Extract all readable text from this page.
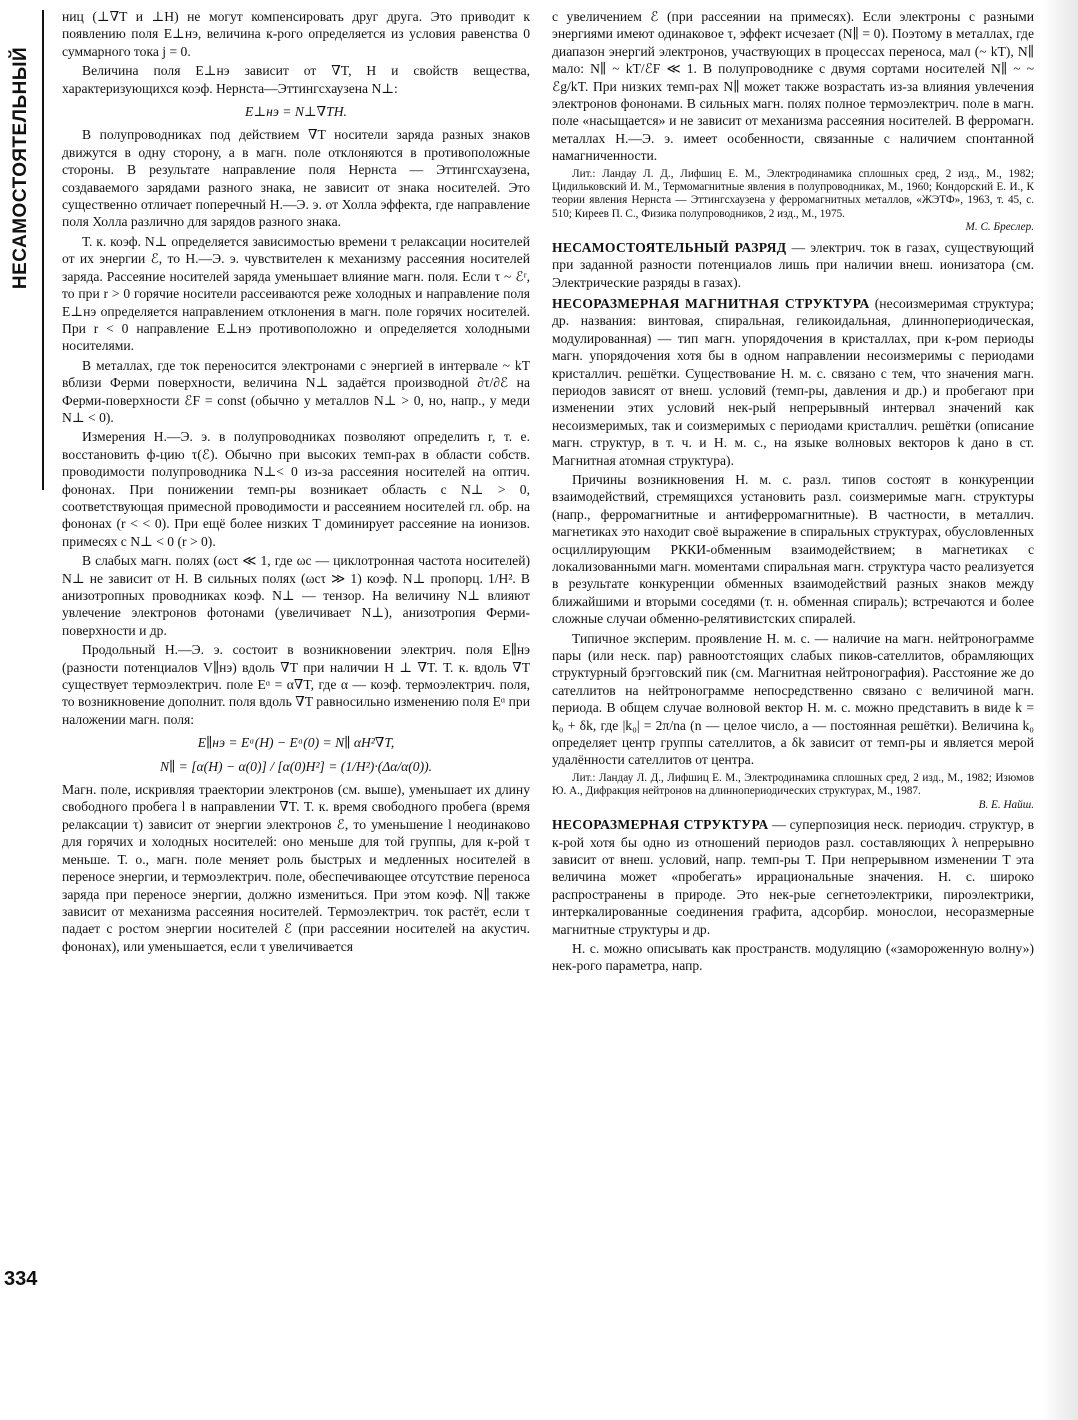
НЕСАМОСТОЯТЕЛЬНЫЙ
334

ниц (⊥∇T и ⊥H) не могут компенсировать друг друга. Это приводит к появлению поля E⊥нэ, величина к-рого определяется из условия равенства 0 суммарного тока j = 0.

Величина поля E⊥нэ зависит от ∇T, H и свойств вещества, характеризующихся коэф. Нернста—Эттингсхаузена N⊥:

E⊥нэ = N⊥∇TH.

В полупроводниках под действием ∇T носители заряда разных знаков движутся в одну сторону, а в магн. поле отклоняются в противоположные стороны. В результате направление поля Нернста — Эттингсхаузена, создаваемого зарядами разного знака, не зависит от знака носителей. Это существенно отличает поперечный Н.—Э. э. от Холла эффекта, где направление поля Холла различно для зарядов разного знака.

Т. к. коэф. N⊥ определяется зависимостью времени τ релаксации носителей от их энергии ℰ, то Н.—Э. э. чувствителен к механизму рассеяния носителей заряда. Рассеяние носителей заряда уменьшает влияние магн. поля. Если τ ~ ℰʳ, то при r > 0 горячие носители рассеиваются реже холодных и направление поля E⊥нэ определяется направлением отклонения в магн. поле горячих носителей. При r < 0 направление E⊥нэ противоположно и определяется холодными носителями.

В металлах, где ток переносится электронами с энергией в интервале ~ kT вблизи Ферми поверхности, величина N⊥ задаётся производной ∂τ/∂ℰ на Ферми-поверхности ℰF = const (обычно у металлов N⊥ > 0, но, напр., у меди N⊥ < 0).

Измерения Н.—Э. э. в полупроводниках позволяют определить r, т. е. восстановить ф-цию τ(ℰ). Обычно при высоких темп-рах в области собств. проводимости полупроводника N⊥< 0 из-за рассеяния носителей на оптич. фононах. При понижении темп-ры возникает область с N⊥ > 0, соответствующая примесной проводимости и рассеянием носителей гл. обр. на фононах (r < < 0). При ещё более низких T доминирует рассеяние на ионизов. примесях с N⊥ < 0 (r > 0).

В слабых магн. полях (ωcτ ≪ 1, где ωc — циклотронная частота носителей) N⊥ не зависит от H. В сильных полях (ωcτ ≫ 1) коэф. N⊥ пропорц. 1/H². В анизотропных проводниках коэф. N⊥ — тензор. На величину N⊥ влияют увлечение электронов фотонами (увеличивает N⊥), анизотропия Ферми-поверхности и др.

Продольный Н.—Э. э. состоит в возникновении электрич. поля E∥нэ (разности потенциалов V∥нэ) вдоль ∇T при наличии H ⊥ ∇T. Т. к. вдоль ∇T существует термоэлектрич. поле Eᵅ = α∇T, где α — коэф. термоэлектрич. поля, то возникновение дополнит. поля вдоль ∇T равносильно изменению поля Eᵅ при наложении магн. поля:

E∥нэ = Eᵅ(H) − Eᵅ(0) = N∥ αH²∇T,

N∥ = [α(H) − α(0)] / [α(0)H²] = (1/H²)·(Δα/α(0)).

Магн. поле, искривляя траектории электронов (см. выше), уменьшает их длину свободного пробега l в направлении ∇T. Т. к. время свободного пробега (время релаксации τ) зависит от энергии электронов ℰ, то уменьшение l неодинаково для горячих и холодных носителей: оно меньше для той группы, для к-рой τ меньше. Т. о., магн. поле меняет роль быстрых и медленных носителей в переносе энергии, и термоэлектрич. поле, обеспечивающее отсутствие переноса заряда при переносе энергии, должно измениться. При этом коэф. N∥ также зависит от механизма рассеяния носителей. Термоэлектрич. ток растёт, если τ падает с ростом энергии носителей ℰ (при рассеянии носителей на акустич. фононах), или уменьшается, если τ увеличивается

с увеличением ℰ (при рассеянии на примесях). Если электроны с разными энергиями имеют одинаковое τ, эффект исчезает (N∥ = 0). Поэтому в металлах, где диапазон энергий электронов, участвующих в процессах переноса, мал (~ kT), N∥ мало: N∥ ~ kT/ℰF ≪ 1. В полупроводнике с двумя сортами носителей N∥ ~ ~ ℰg/kT. При низких темп-рах N∥ может также возрастать из-за влияния увлечения электронов фононами. В сильных магн. полях полное термоэлектрич. поле в магн. поле «насыщается» и не зависит от механизма рассеяния носителей. В ферромагн. металлах Н.—Э. э. имеет особенности, связанные с наличием спонтанной намагниченности.

Лит.: Ландау Л. Д., Лифшиц Е. М., Электродинамика сплошных сред, 2 изд., М., 1982; Цидильковский И. М., Термомагнитные явления в полупроводниках, М., 1960; Кондорский Е. И., К теории явления Нернста — Эттингсхаузена у ферромагнитных металлов, «ЖЭТФ», 1963, т. 45, с. 510; Киреев П. С., Физика полупроводников, 2 изд., М., 1975.
М. С. Бреслер.

НЕСАМОСТОЯТЕЛЬНЫЙ РАЗРЯД — электрич. ток в газах, существующий при заданной разности потенциалов лишь при наличии внеш. ионизатора (см. Электрические разряды в газах).

НЕСОРАЗМЕРНАЯ МАГНИТНАЯ СТРУКТУРА (несоизмеримая структура; др. названия: винтовая, спиральная, геликоидальная, длиннопериодическая, модулированная) — тип магн. упорядочения в кристаллах, при к-ром периоды магн. упорядочения хотя бы в одном направлении несоизмеримы с периодами кристаллич. решётки. Существование Н. м. с. связано с тем, что значения магн. периодов зависят от внеш. условий (темп-ры, давления и др.) и пробегают при изменении этих условий нек-рый непрерывный интервал значений как несоизмеримых, так и соизмеримых с периодами кристаллич. решётки (описание магн. структур, в т. ч. и Н. м. с., на языке волновых векторов k дано в ст. Магнитная атомная структура).

Причины возникновения Н. м. с. разл. типов состоят в конкуренции взаимодействий, стремящихся установить разл. соизмеримые магн. структуры (напр., ферромагнитные и антиферромагнитные). В частности, в металлич. магнетиках это находит своё выражение в спиральных структурах, обусловленных осциллирующим РККИ-обменным взаимодействием; в магнетиках с локализованными магн. моментами спиральная магн. структура часто реализуется в результате конкуренции обменных взаимодействий разных знаков между ближайшими и вторыми соседями (т. н. обменная спираль); встречаются и более сложные случаи обменно-релятивистских спиралей.

Типичное эксперим. проявление Н. м. с. — наличие на магн. нейтронограмме пары (или неск. пар) равноотстоящих слабых пиков-сателлитов, обрамляющих структурный брэгговский пик (см. Магнитная нейтронография). Расстояние же до сателлитов на нейтронограмме непосредственно связано с величиной магн. периода. В общем случае волновой вектор Н. м. с. можно представить в виде k = k₀ + δk, где |k₀| = 2π/na (n — целое число, a — постоянная решётки). Величина k₀ определяет центр группы сателлитов, а δk зависит от темп-ры и является мерой удалённости сателлитов от центра.

Лит.: Ландау Л. Д., Лифшиц Е. М., Электродинамика сплошных сред, 2 изд., М., 1982; Изюмов Ю. А., Дифракция нейтронов на длиннопериодических структурах, М., 1987.
В. Е. Найш.

НЕСОРАЗМЕРНАЯ СТРУКТУРА — суперпозиция неск. периодич. структур, в к-рой хотя бы одно из отношений периодов разл. составляющих λ непрерывно зависит от внеш. условий, напр. темп-ры T. При непрерывном изменении T эта величина может «пробегать» иррациональные значения. Н. с. широко распространены в природе. Это нек-рые сегнетоэлектрики, пироэлектрики, интеркалированные соединения графита, адсорбир. монослои, несоразмерные магнитные структуры и др.

Н. с. можно описывать как пространств. модуляцию («замороженную волну») нек-рого параметра, напр.
